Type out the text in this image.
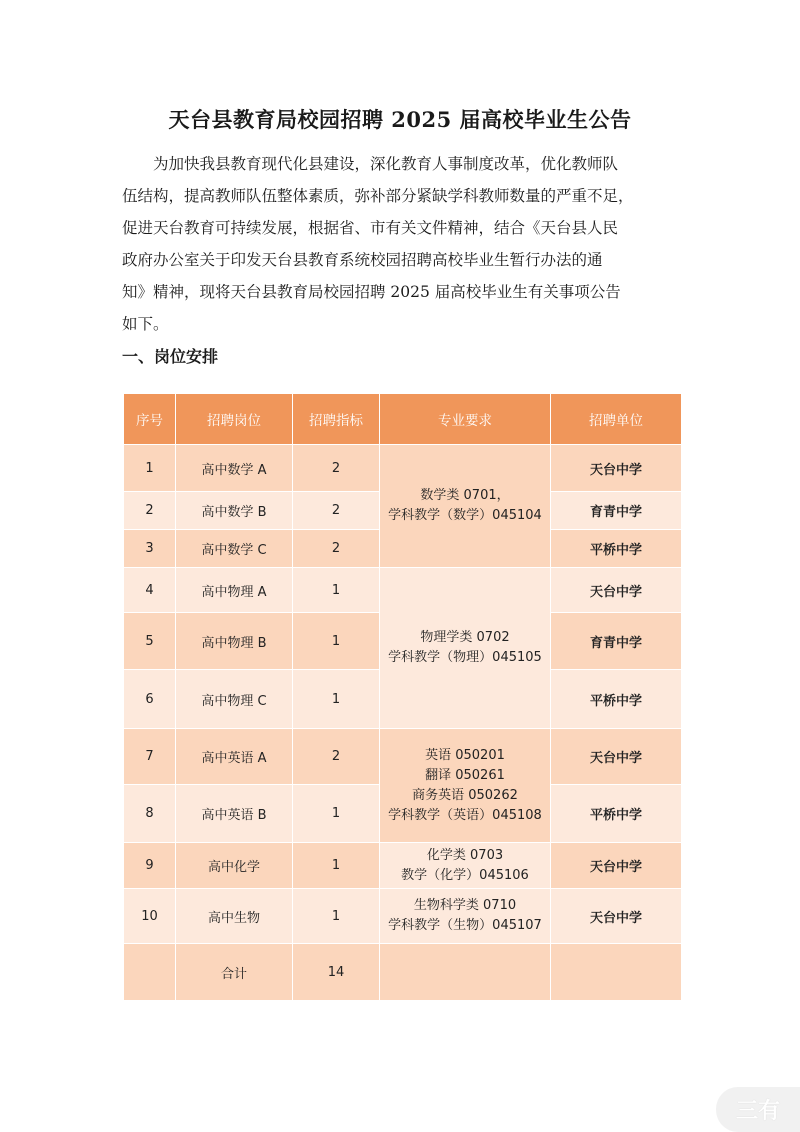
天台县教育局校园招聘 2025 届高校毕业生公告
为加快我县教育现代化县建设，深化教育人事制度改革，优化教师队
伍结构，提高教师队伍整体素质，弥补部分紧缺学科教师数量的严重不足，
促进天台教育可持续发展，根据省、市有关文件精神，结合《天台县人民
政府办公室关于印发天台县教育系统校园招聘高校毕业生暂行办法的通
知》精神，现将天台县教育局校园招聘 2025 届高校毕业生有关事项公告
如下。
一、岗位安排
序号	招聘岗位	招聘指标	专业要求	招聘单位
1	高中数学 A	2	数学类 0701，
学科教学（数学）045104	天台中学
2	高中数学 B	2		育青中学
3	高中数学 C	2		平桥中学
4	高中物理 A	1	物理学类 0702
学科教学（物理）045105	天台中学
5	高中物理 B	1		育青中学
6	高中物理 C	1		平桥中学
7	高中英语 A	2	英语 050201
翻译 050261
商务英语 050262
学科教学（英语）045108	天台中学
8	高中英语 B	1		平桥中学
9	高中化学	1	化学类 0703
教学（化学）045106	天台中学
10	高中生物	1	生物科学类 0710
学科教学（生物）045107	天台中学
	合计	14		
三有
